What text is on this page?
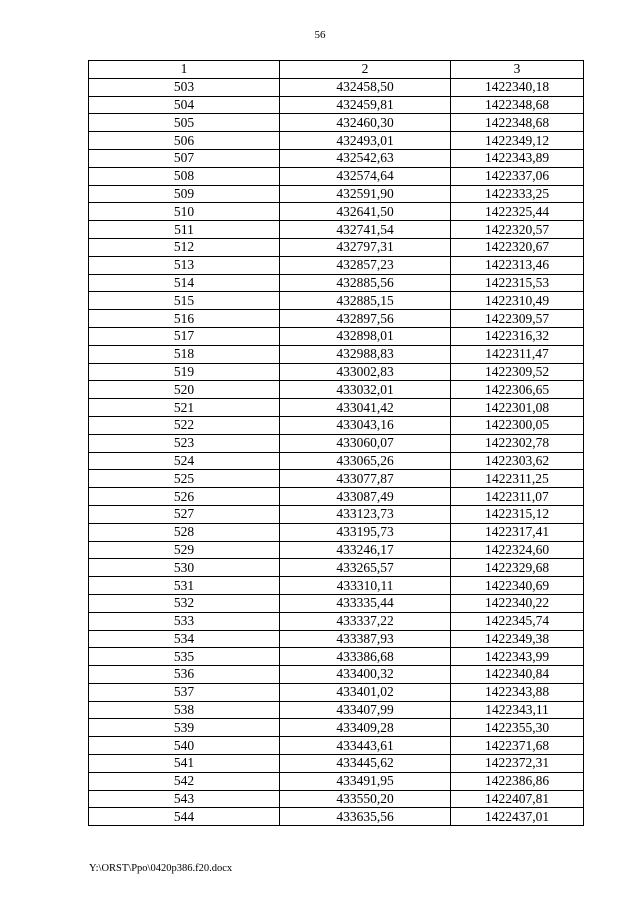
56
1	2	3
503	432458,50	1422340,18
504	432459,81	1422348,68
505	432460,30	1422348,68
506	432493,01	1422349,12
507	432542,63	1422343,89
508	432574,64	1422337,06
509	432591,90	1422333,25
510	432641,50	1422325,44
511	432741,54	1422320,57
512	432797,31	1422320,67
513	432857,23	1422313,46
514	432885,56	1422315,53
515	432885,15	1422310,49
516	432897,56	1422309,57
517	432898,01	1422316,32
518	432988,83	1422311,47
519	433002,83	1422309,52
520	433032,01	1422306,65
521	433041,42	1422301,08
522	433043,16	1422300,05
523	433060,07	1422302,78
524	433065,26	1422303,62
525	433077,87	1422311,25
526	433087,49	1422311,07
527	433123,73	1422315,12
528	433195,73	1422317,41
529	433246,17	1422324,60
530	433265,57	1422329,68
531	433310,11	1422340,69
532	433335,44	1422340,22
533	433337,22	1422345,74
534	433387,93	1422349,38
535	433386,68	1422343,99
536	433400,32	1422340,84
537	433401,02	1422343,88
538	433407,99	1422343,11
539	433409,28	1422355,30
540	433443,61	1422371,68
541	433445,62	1422372,31
542	433491,95	1422386,86
543	433550,20	1422407,81
544	433635,56	1422437,01
Y:\ORST\Ppo\0420p386.f20.docx
